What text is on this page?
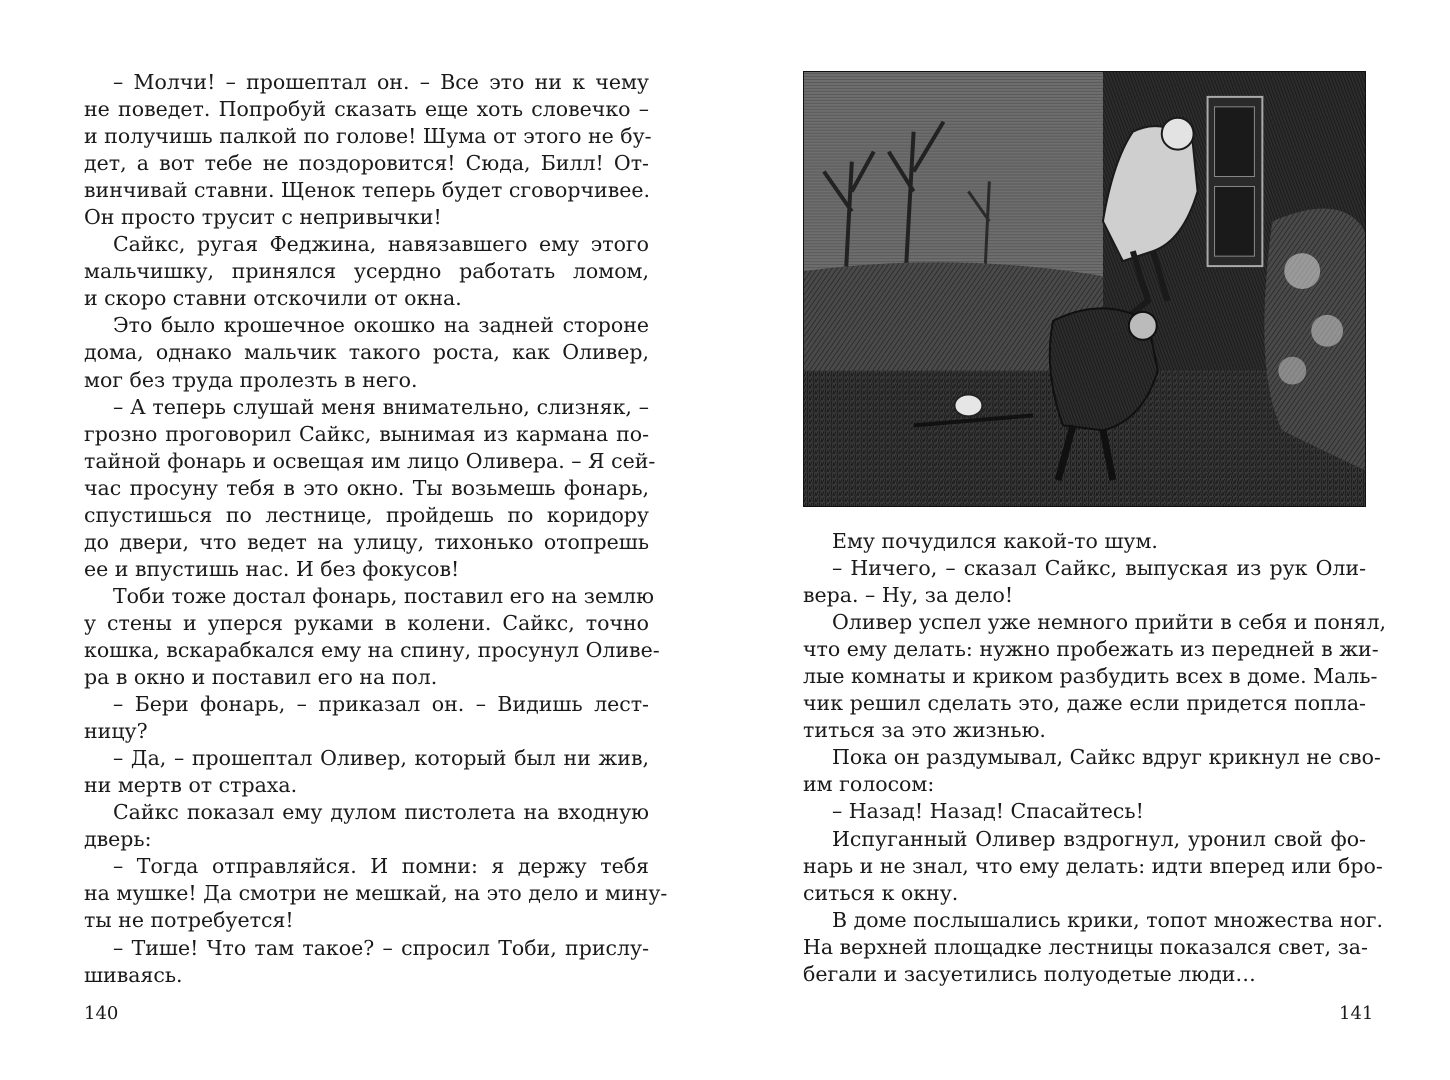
– Молчи! – прошептал он. – Все это ни к чему
не поведет. Попробуй сказать еще хоть словечко –
и получишь палкой по голове! Шума от этого не бу-
дет, а вот тебе не поздоровится! Сюда, Билл! От-
винчивай ставни. Щенок теперь будет сговорчивее.
Он просто трусит с непривычки!
Сайкс, ругая Феджина, навязавшего ему этого
мальчишку, принялся усердно работать ломом,
и скоро ставни отскочили от окна.
Это было крошечное окошко на задней стороне
дома, однако мальчик такого роста, как Оливер,
мог без труда пролезть в него.
– А теперь слушай меня внимательно, слизняк, –
грозно проговорил Сайкс, вынимая из кармана по-
тайной фонарь и освещая им лицо Оливера. – Я сей-
час просуну тебя в это окно. Ты возьмешь фонарь,
спустишься по лестнице, пройдешь по коридору
до двери, что ведет на улицу, тихонько отопрешь
ее и впустишь нас. И без фокусов!
Тоби тоже достал фонарь, поставил его на землю
у стены и уперся руками в колени. Сайкс, точно
кошка, вскарабкался ему на спину, просунул Оливе-
ра в окно и поставил его на пол.
– Бери фонарь, – приказал он. – Видишь лест-
ницу?
– Да, – прошептал Оливер, который был ни жив,
ни мертв от страха.
Сайкс показал ему дулом пистолета на входную
дверь:
– Тогда отправляйся. И помни: я держу тебя
на мушке! Да смотри не мешкай, на это дело и мину-
ты не потребуется!
– Тише! Что там такое? – спросил Тоби, прислу-
шиваясь.
140
Ему почудился какой-то шум.
– Ничего, – сказал Сайкс, выпуская из рук Оли-
вера. – Ну, за дело!
Оливер успел уже немного прийти в себя и понял,
что ему делать: нужно пробежать из передней в жи-
лые комнаты и криком разбудить всех в доме. Маль-
чик решил сделать это, даже если придется попла-
титься за это жизнью.
Пока он раздумывал, Сайкс вдруг крикнул не сво-
им голосом:
– Назад! Назад! Спасайтесь!
Испуганный Оливер вздрогнул, уронил свой фо-
нарь и не знал, что ему делать: идти вперед или бро-
ситься к окну.
В доме послышались крики, топот множества ног.
На верхней площадке лестницы показался свет, за-
бегали и засуетились полуодетые люди…
141
